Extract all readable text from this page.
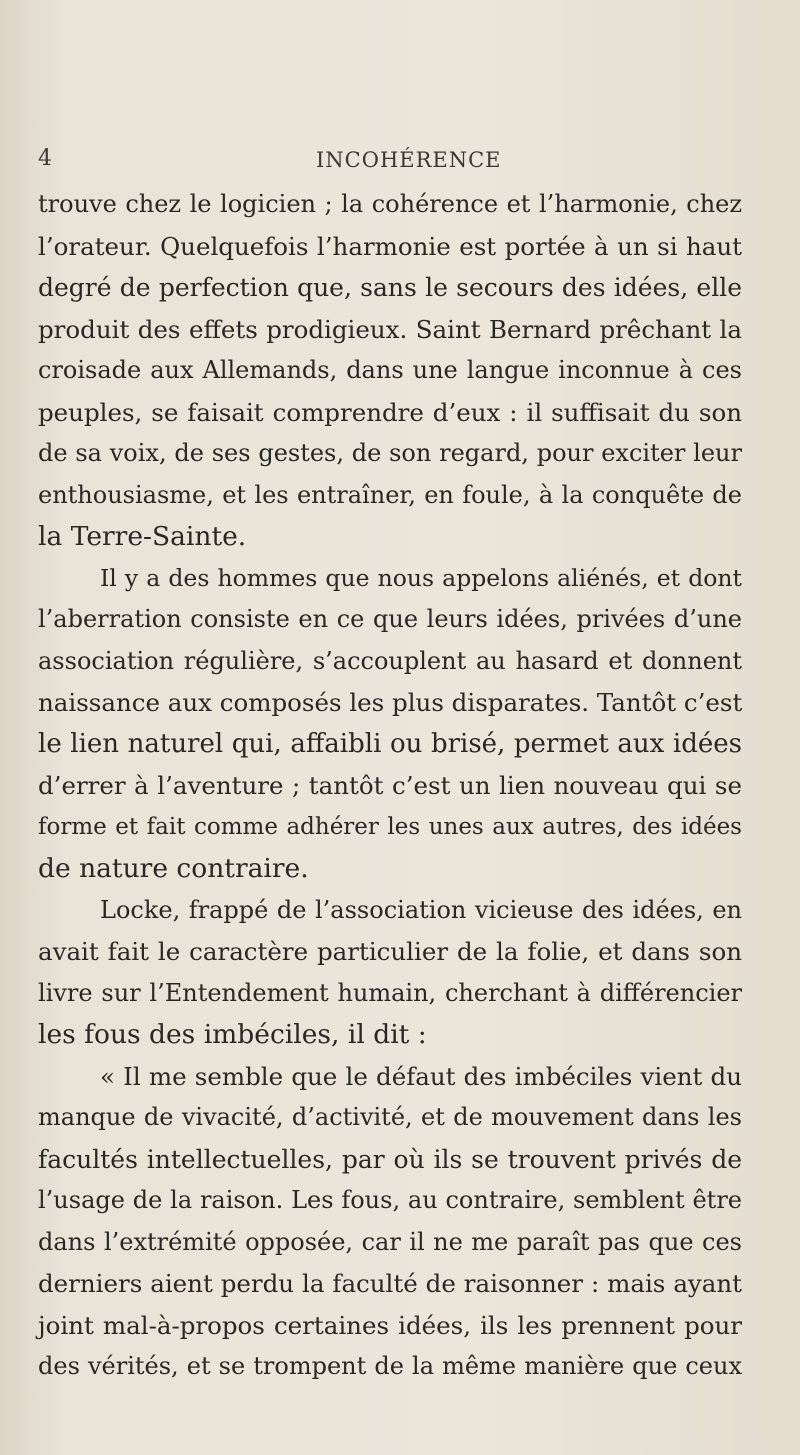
4	INCOHÉRENCE
trouve chez le logicien ; la cohérence et l’harmonie, chez
l’orateur. Quelquefois l’harmonie est portée à un si haut
degré de perfection que, sans le secours des idées, elle
produit des effets prodigieux. Saint Bernard prêchant la
croisade aux Allemands, dans une langue inconnue à ces
peuples, se faisait comprendre d’eux : il suffisait du son
de sa voix, de ses gestes, de son regard, pour exciter leur
enthousiasme, et les entraîner, en foule, à la conquête de
la Terre-Sainte.
Il y a des hommes que nous appelons aliénés, et dont
l’aberration consiste en ce que leurs idées, privées d’une
association régulière, s’accouplent au hasard et donnent
naissance aux composés les plus disparates. Tantôt c’est
le lien naturel qui, affaibli ou brisé, permet aux idées
d’errer à l’aventure ; tantôt c’est un lien nouveau qui se
forme et fait comme adhérer les unes aux autres, des idées
de nature contraire.
Locke, frappé de l’association vicieuse des idées, en
avait fait le caractère particulier de la folie, et dans son
livre sur l’Entendement humain, cherchant à différencier
les fous des imbéciles, il dit :
« Il me semble que le défaut des imbéciles vient du
manque de vivacité, d’activité, et de mouvement dans les
facultés intellectuelles, par où ils se trouvent privés de
l’usage de la raison. Les fous, au contraire, semblent être
dans l’extrémité opposée, car il ne me paraît pas que ces
derniers aient perdu la faculté de raisonner : mais ayant
joint mal-à-propos certaines idées, ils les prennent pour
des vérités, et se trompent de la même manière que ceux
